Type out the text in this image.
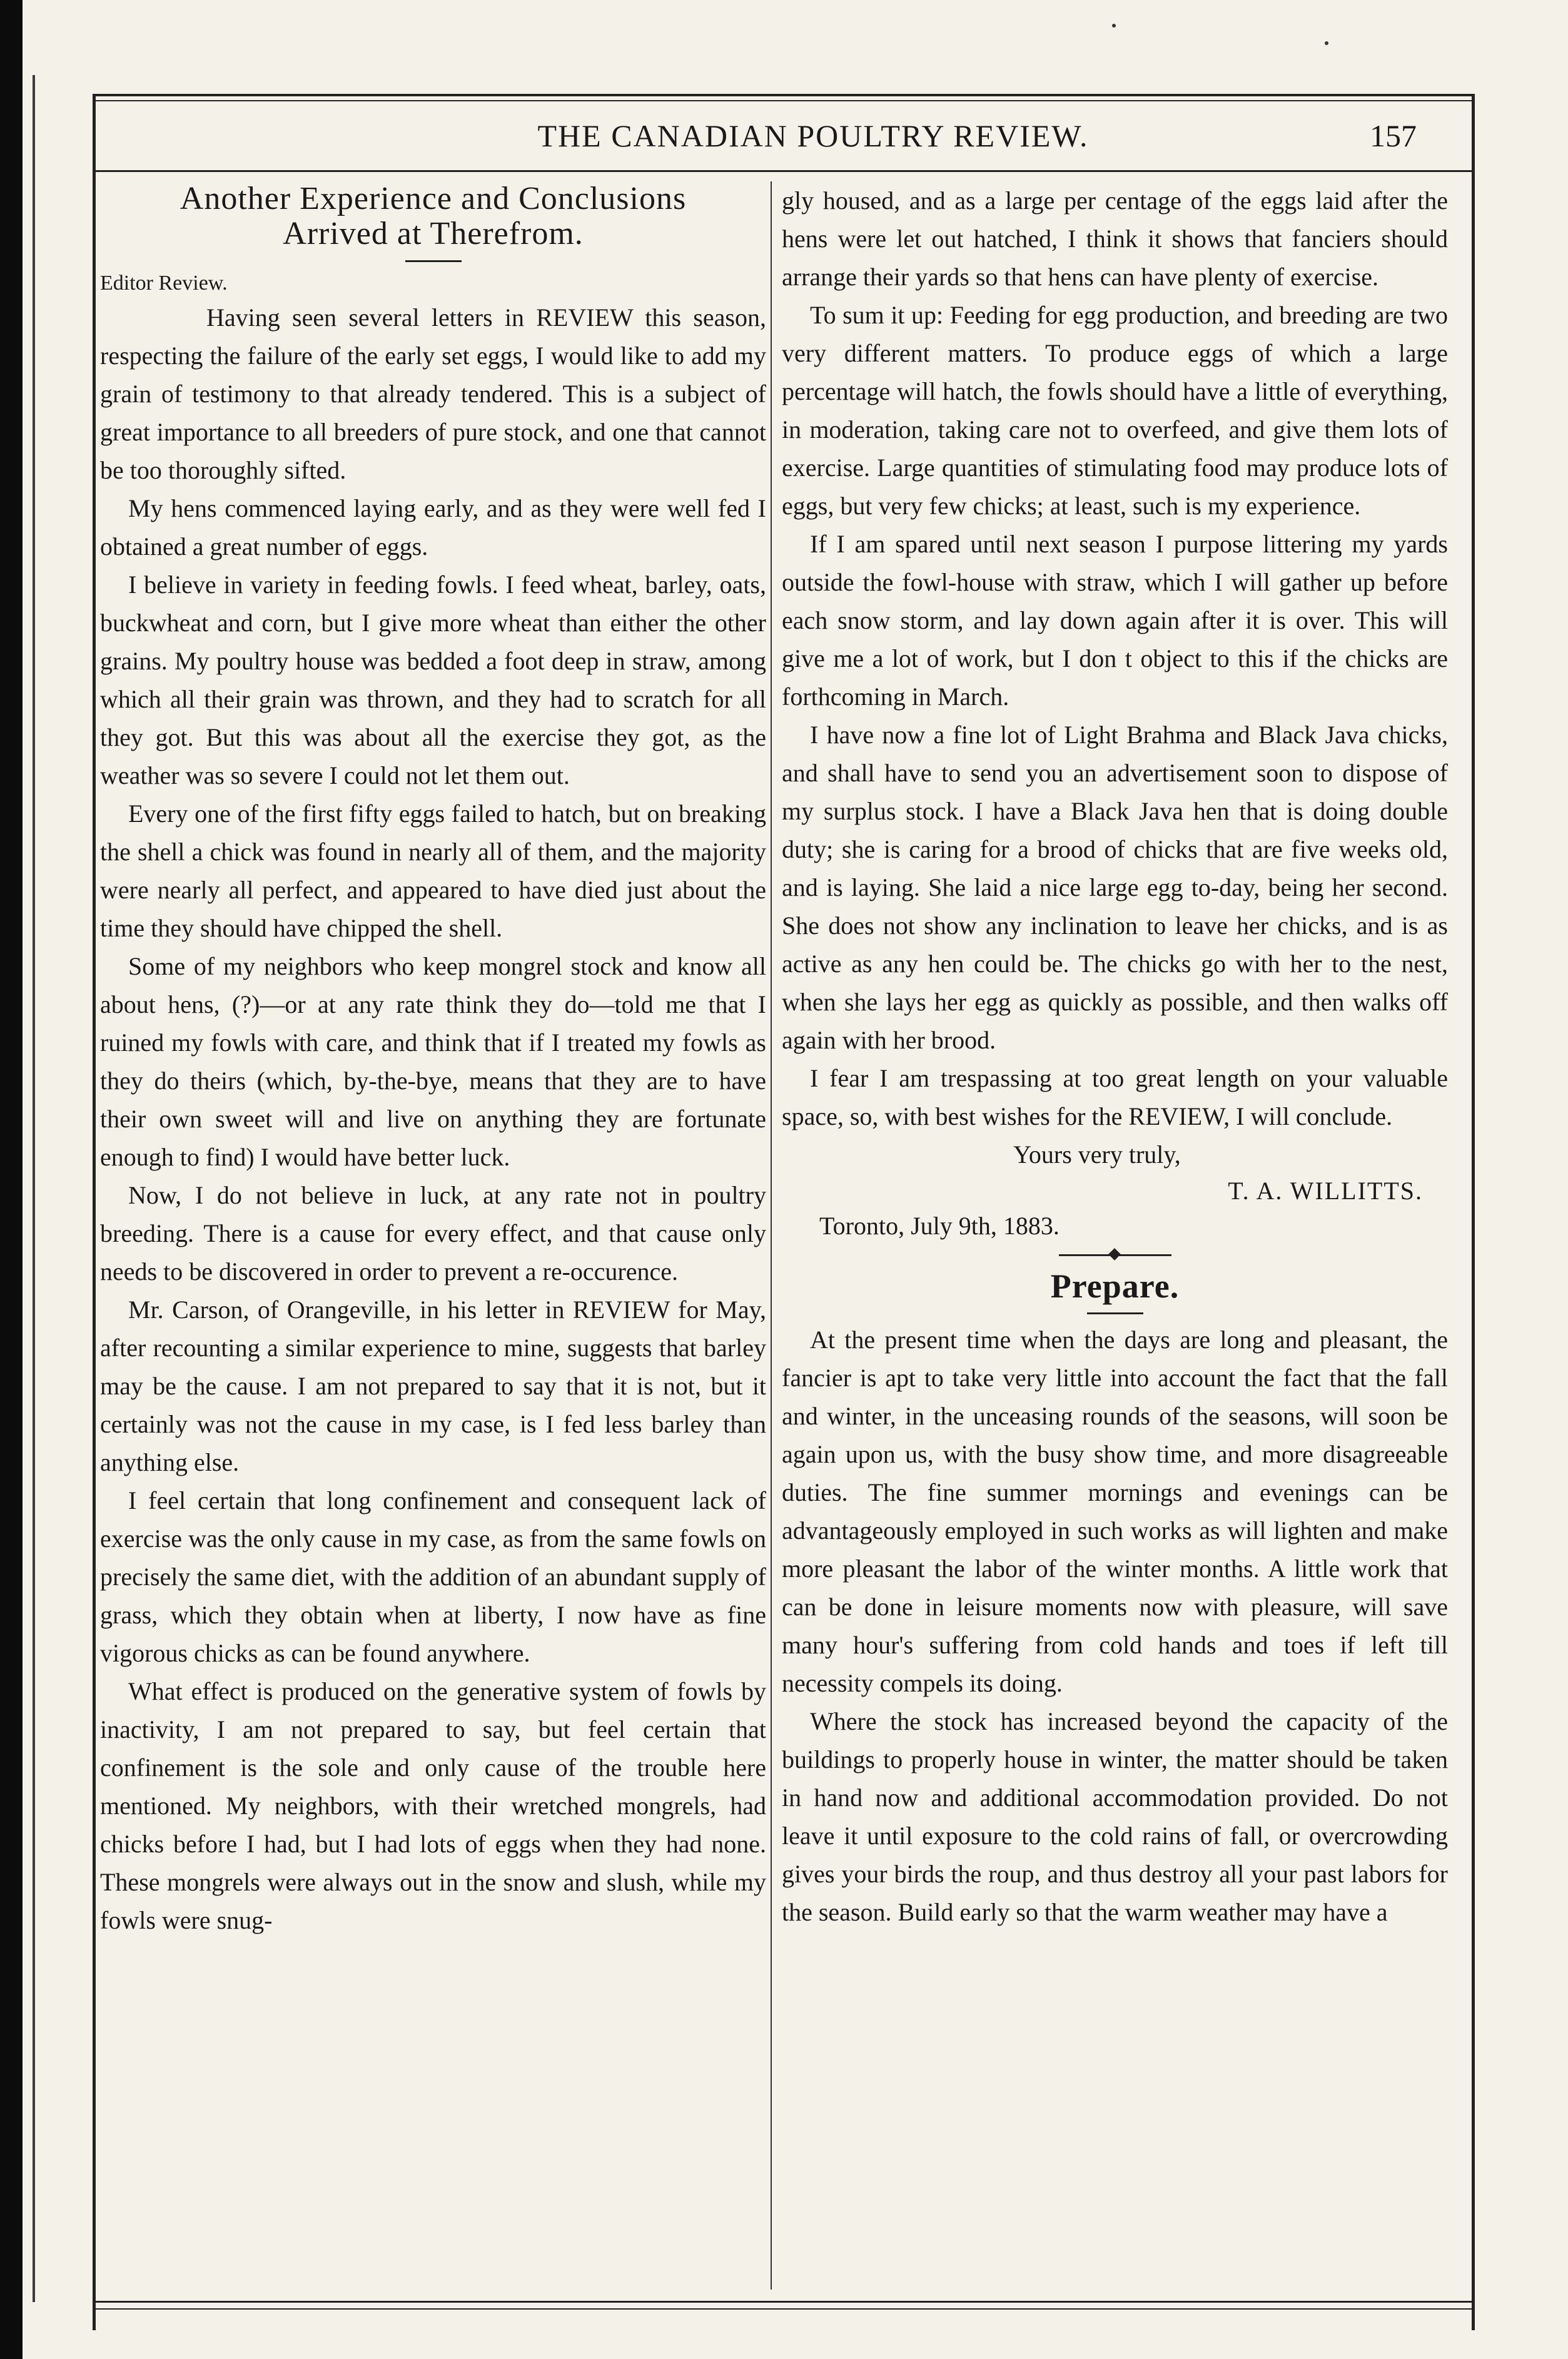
THE CANADIAN POULTRY REVIEW.	157
Another Experience and Conclusions
Arrived at Therefrom.
Editor Review.

Having seen several letters in REVIEW this season, respecting the failure of the early set eggs, I would like to add my grain of testimony to that already tendered. This is a subject of great importance to all breeders of pure stock, and one that cannot be too thoroughly sifted.

My hens commenced laying early, and as they were well fed I obtained a great number of eggs.

I believe in variety in feeding fowls. I feed wheat, barley, oats, buckwheat and corn, but I give more wheat than either the other grains. My poultry house was bedded a foot deep in straw, among which all their grain was thrown, and they had to scratch for all they got. But this was about all the exercise they got, as the weather was so severe I could not let them out.

Every one of the first fifty eggs failed to hatch, but on breaking the shell a chick was found in nearly all of them, and the majority were nearly all perfect, and appeared to have died just about the time they should have chipped the shell.

Some of my neighbors who keep mongrel stock and know all about hens, (?)—or at any rate think they do—told me that I ruined my fowls with care, and think that if I treated my fowls as they do theirs (which, by-the-bye, means that they are to have their own sweet will and live on anything they are fortunate enough to find) I would have better luck.

Now, I do not believe in luck, at any rate not in poultry breeding. There is a cause for every effect, and that cause only needs to be discovered in order to prevent a re-occurence.

Mr. Carson, of Orangeville, in his letter in REVIEW for May, after recounting a similar experience to mine, suggests that barley may be the cause. I am not prepared to say that it is not, but it certainly was not the cause in my case, is I fed less barley than anything else.

I feel certain that long confinement and consequent lack of exercise was the only cause in my case, as from the same fowls on precisely the same diet, with the addition of an abundant supply of grass, which they obtain when at liberty, I now have as fine vigorous chicks as can be found anywhere.

What effect is produced on the generative system of fowls by inactivity, I am not prepared to say, but feel certain that confinement is the sole and only cause of the trouble here mentioned. My neighbors, with their wretched mongrels, had chicks before I had, but I had lots of eggs when they had none. These mongrels were always out in the snow and slush, while my fowls were snug-

gly housed, and as a large per centage of the eggs laid after the hens were let out hatched, I think it shows that fanciers should arrange their yards so that hens can have plenty of exercise.

To sum it up: Feeding for egg production, and breeding are two very different matters. To produce eggs of which a large percentage will hatch, the fowls should have a little of everything, in moderation, taking care not to overfeed, and give them lots of exercise. Large quantities of stimulating food may produce lots of eggs, but very few chicks; at least, such is my experience.

If I am spared until next season I purpose littering my yards outside the fowl-house with straw, which I will gather up before each snow storm, and lay down again after it is over. This will give me a lot of work, but I don t object to this if the chicks are forthcoming in March.

I have now a fine lot of Light Brahma and Black Java chicks, and shall have to send you an advertisement soon to dispose of my surplus stock. I have a Black Java hen that is doing double duty; she is caring for a brood of chicks that are five weeks old, and is laying. She laid a nice large egg to-day, being her second. She does not show any inclination to leave her chicks, and is as active as any hen could be. The chicks go with her to the nest, when she lays her egg as quickly as possible, and then walks off again with her brood.

I fear I am trespassing at too great length on your valuable space, so, with best wishes for the REVIEW, I will conclude.

Yours very truly,
T. A. WILLITTS.
Toronto, July 9th, 1883.
Prepare.

At the present time when the days are long and pleasant, the fancier is apt to take very little into account the fact that the fall and winter, in the unceasing rounds of the seasons, will soon be again upon us, with the busy show time, and more disagreeable duties. The fine summer mornings and evenings can be advantageously employed in such works as will lighten and make more pleasant the labor of the winter months. A little work that can be done in leisure moments now with pleasure, will save many hour's suffering from cold hands and toes if left till necessity compels its doing.

Where the stock has increased beyond the capacity of the buildings to properly house in winter, the matter should be taken in hand now and additional accommodation provided. Do not leave it until exposure to the cold rains of fall, or overcrowding gives your birds the roup, and thus destroy all your past labors for the season. Build early so that the warm weather may have a
